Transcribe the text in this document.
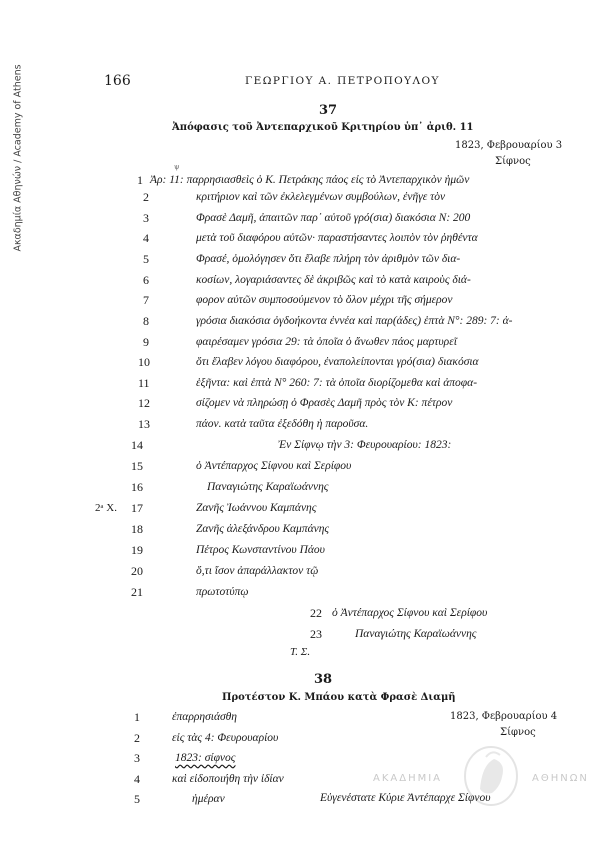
Ακαδημία Αθηνών / Academy of Athens	166	ΓΕΩΡΓΙΟΥ Α. ΠΕΤΡΟΠΟΥΛΟΥ
37
Ἀπόφασις τοῦ Ἀντεπαρχικοῦ Κριτηρίου ὑπ᾽ ἀριθ. 11
1823, Φεβρουαρίου 3
Σίφνος
ψ
2ᵃ Χ.
1 Ἀρ: 11: παρρησιασθεὶς ὁ Κ. Πετράκης πάος εἰς τὸ Ἀντεπαρχικὸν ἡμῶν
2	κριτήριον καὶ τῶν ἐκλελεγμένων συμβούλων, ἐνῆγε τὸν
3	Φρασὲ Δαμῆ, ἀπαιτῶν παρ᾽ αὐτοῦ γρό(σια) διακόσια Ν: 200
4	μετὰ τοῦ διαφόρου αὐτῶν· παραστήσαντες λοιπὸν τὸν ῥηθέντα
5	Φρασέ, ὁμολόγησεν ὅτι ἔλαβε πλήρη τὸν ἀριθμὸν τῶν δια-
6	κοσίων, λογαριάσαντες δὲ ἀκριβῶς καὶ τὸ κατὰ καιροὺς διά-
7	φορον αὐτῶν συμποσούμενον τὸ ὅλον μέχρι τῆς σήμερον
8	γρόσια διακόσια ὀγδοήκοντα ἐννέα καὶ παρ(άδες) ἑπτὰ Ν°: 289: 7: ἀ-
9	φαιρέσαμεν γρόσια 29: τὰ ὁποῖα ὁ ἄνωθεν πάος μαρτυρεῖ
10	ὅτι ἔλαβεν λόγου διαφόρου, ἐναπολείπονται γρό(σια) διακόσια
11	ἑξῆντα: καὶ ἑπτὰ N° 260: 7: τὰ ὁποῖα διορίζομεθα καὶ ἀποφα-
12	σίζομεν νὰ πληρώσῃ ὁ Φρασὲς Δαμῆ πρὸς τὸν Κ: πέτρον
13	πάον. κατὰ ταῦτα ἐξεδόθη ἡ παροῦσα.
14	Ἐν Σίφνῳ τὴν 3: Φευρουαρίου: 1823:
15	ὁ Ἀντέπαρχος Σίφνου καὶ Σερίφου
16	Παναγιώτης Καραϊωάννης
17	Ζανῆς Ἰωάννου Καμπάνης
18	Ζανῆς ἀλεξάνδρου Καμπάνης
19	Πέτρος Κωνσταντίνου Πάου
20	ὅ,τι ἴσον ἀπαράλλακτον τῷ
21	πρωτοτύπῳ
22 ὁ Ἀντέπαρχος Σίφνου καὶ Σερίφου
23	Παναγιώτης Καραϊωάννης
Τ. Σ.
38
Προτέστον Κ. Μπάου κατὰ Φρασὲ Διαμῆ
1823, Φεβρουαρίου 4
Σίφνος
1	ἐπαρρησιάσθη
2	εἰς τὰς 4: Φευρουαρίου
3	1823: σίφνος
4	καὶ εἰδοποιήθη τὴν ἰδίαν
5	ἡμέραν	Εὐγενέστατε Κύριε Ἀντέπαρχε Σίφνου
ΑΚΑΔΗΜΙΑ	ΑΘΗΝΩΝ
